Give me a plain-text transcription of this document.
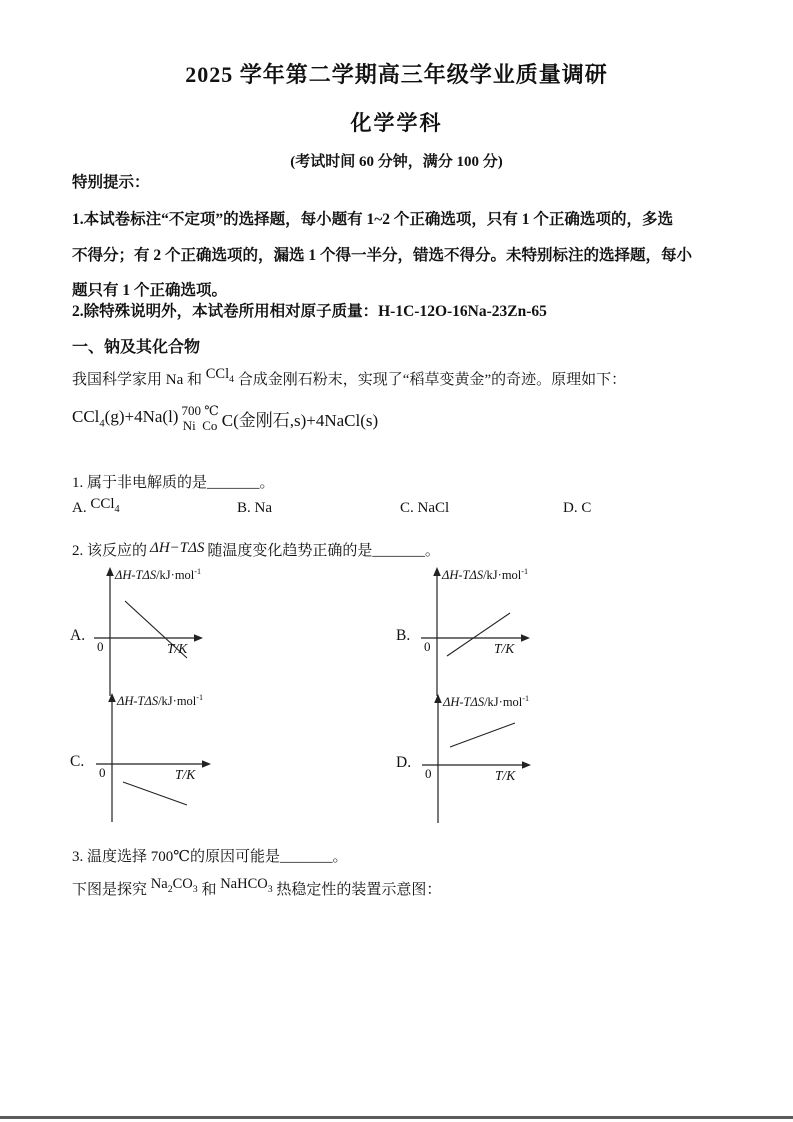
2025 学年第二学期高三年级学业质量调研
化学学科
(考试时间 60 分钟，满分 100 分)
特别提示：
1.本试卷标注“不定项”的选择题，每小题有 1~2 个正确选项，只有 1 个正确选项的，多选
不得分；有 2 个正确选项的，漏选 1 个得一半分，错选不得分。未特别标注的选择题，每小
题只有 1 个正确选项。
2.除特殊说明外，本试卷所用相对原子质量：H-1C-12O-16Na-23Zn-65
一、钠及其化合物
我国科学家用 Na 和 CCl$_4$ 合成金刚石粉末，实现了“稻草变黄金”的奇迹。原理如下：
CCl$_4$(g)+4Na(l) 700 ℃
Ni  Co C(金刚石,s)+4NaCl(s)
1. 属于非电解质的是_______。
A. CCl$_4$	B. Na	C. NaCl	D. C
2. 该反应的 ΔH−TΔS 随温度变化趋势正确的是_______。
A.	B.
C.	D.
ΔH-TΔS/kJ·mol$^{-1}$
0	T/K
ΔH-TΔS/kJ·mol$^{-1}$
0	T/K
ΔH-TΔS/kJ·mol$^{-1}$
0	T/K
ΔH-TΔS/kJ·mol$^{-1}$
0	T/K
3. 温度选择 700℃的原因可能是_______。
下图是探究 $Na_2CO_3$ 和 NaHCO$_3$ 热稳定性的装置示意图：
